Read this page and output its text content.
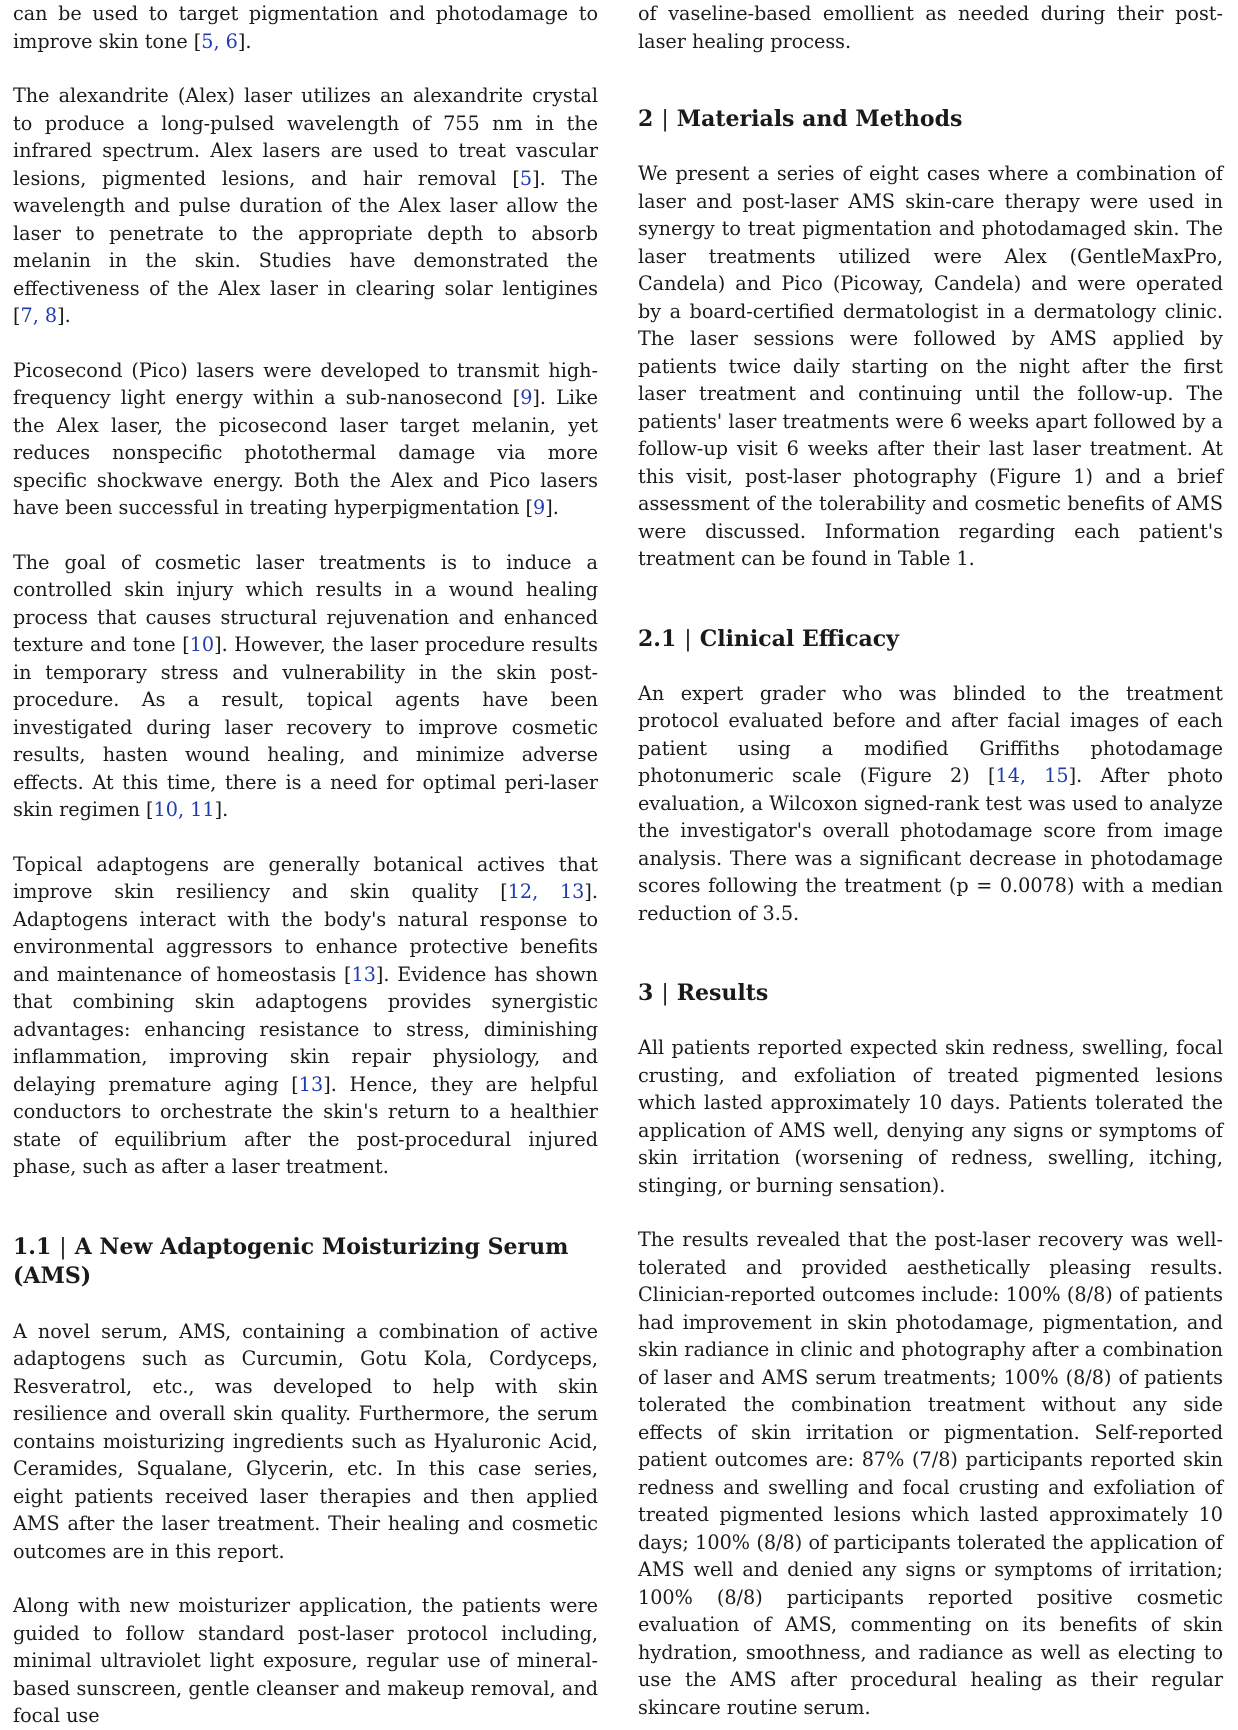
can be used to target pigmentation and photodamage to improve skin tone [5, 6].

The alexandrite (Alex) laser utilizes an alexandrite crystal to produce a long-pulsed wavelength of 755 nm in the infrared spectrum. Alex lasers are used to treat vascular lesions, pigmented lesions, and hair removal [5]. The wavelength and pulse duration of the Alex laser allow the laser to penetrate to the appropriate depth to absorb melanin in the skin. Studies have demonstrated the effectiveness of the Alex laser in clearing solar lentigines [7, 8].

Picosecond (Pico) lasers were developed to transmit high-frequency light energy within a sub-nanosecond [9]. Like the Alex laser, the picosecond laser target melanin, yet reduces nonspecific photothermal damage via more specific shockwave energy. Both the Alex and Pico lasers have been successful in treating hyperpigmentation [9].

The goal of cosmetic laser treatments is to induce a controlled skin injury which results in a wound healing process that causes structural rejuvenation and enhanced texture and tone [10]. However, the laser procedure results in temporary stress and vulnerability in the skin post-procedure. As a result, topical agents have been investigated during laser recovery to improve cosmetic results, hasten wound healing, and minimize adverse effects. At this time, there is a need for optimal peri-laser skin regimen [10, 11].

Topical adaptogens are generally botanical actives that improve skin resiliency and skin quality [12, 13]. Adaptogens interact with the body's natural response to environmental aggressors to enhance protective benefits and maintenance of homeostasis [13]. Evidence has shown that combining skin adaptogens provides synergistic advantages: enhancing resistance to stress, diminishing inflammation, improving skin repair physiology, and delaying premature aging [13]. Hence, they are helpful conductors to orchestrate the skin's return to a healthier state of equilibrium after the post-procedural injured phase, such as after a laser treatment.

1.1 | A New Adaptogenic Moisturizing Serum (AMS)

A novel serum, AMS, containing a combination of active adaptogens such as Curcumin, Gotu Kola, Cordyceps, Resveratrol, etc., was developed to help with skin resilience and overall skin quality. Furthermore, the serum contains moisturizing ingredients such as Hyaluronic Acid, Ceramides, Squalane, Glycerin, etc. In this case series, eight patients received laser therapies and then applied AMS after the laser treatment. Their healing and cosmetic outcomes are in this report.

Along with new moisturizer application, the patients were guided to follow standard post-laser protocol including, minimal ultraviolet light exposure, regular use of mineral-based sunscreen, gentle cleanser and makeup removal, and focal use

of vaseline-based emollient as needed during their post-laser healing process.

2 | Materials and Methods

We present a series of eight cases where a combination of laser and post-laser AMS skin-care therapy were used in synergy to treat pigmentation and photodamaged skin. The laser treatments utilized were Alex (GentleMaxPro, Candela) and Pico (Picoway, Candela) and were operated by a board-certified dermatologist in a dermatology clinic. The laser sessions were followed by AMS applied by patients twice daily starting on the night after the first laser treatment and continuing until the follow-up. The patients' laser treatments were 6 weeks apart followed by a follow-up visit 6 weeks after their last laser treatment. At this visit, post-laser photography (Figure 1) and a brief assessment of the tolerability and cosmetic benefits of AMS were discussed. Information regarding each patient's treatment can be found in Table 1.

2.1 | Clinical Efficacy

An expert grader who was blinded to the treatment protocol evaluated before and after facial images of each patient using a modified Griffiths photodamage photonumeric scale (Figure 2) [14, 15]. After photo evaluation, a Wilcoxon signed-rank test was used to analyze the investigator's overall photodamage score from image analysis. There was a significant decrease in photodamage scores following the treatment (p = 0.0078) with a median reduction of 3.5.

3 | Results

All patients reported expected skin redness, swelling, focal crusting, and exfoliation of treated pigmented lesions which lasted approximately 10 days. Patients tolerated the application of AMS well, denying any signs or symptoms of skin irritation (worsening of redness, swelling, itching, stinging, or burning sensation).

The results revealed that the post-laser recovery was well-tolerated and provided aesthetically pleasing results. Clinician-reported outcomes include: 100% (8/8) of patients had improvement in skin photodamage, pigmentation, and skin radiance in clinic and photography after a combination of laser and AMS serum treatments; 100% (8/8) of patients tolerated the combination treatment without any side effects of skin irritation or pigmentation. Self-reported patient outcomes are: 87% (7/8) participants reported skin redness and swelling and focal crusting and exfoliation of treated pigmented lesions which lasted approximately 10 days; 100% (8/8) of participants tolerated the application of AMS well and denied any signs or symptoms of irritation; 100% (8/8) participants reported positive cosmetic evaluation of AMS, commenting on its benefits of skin hydration, smoothness, and radiance as well as electing to use the AMS after procedural healing as their regular skincare routine serum.
